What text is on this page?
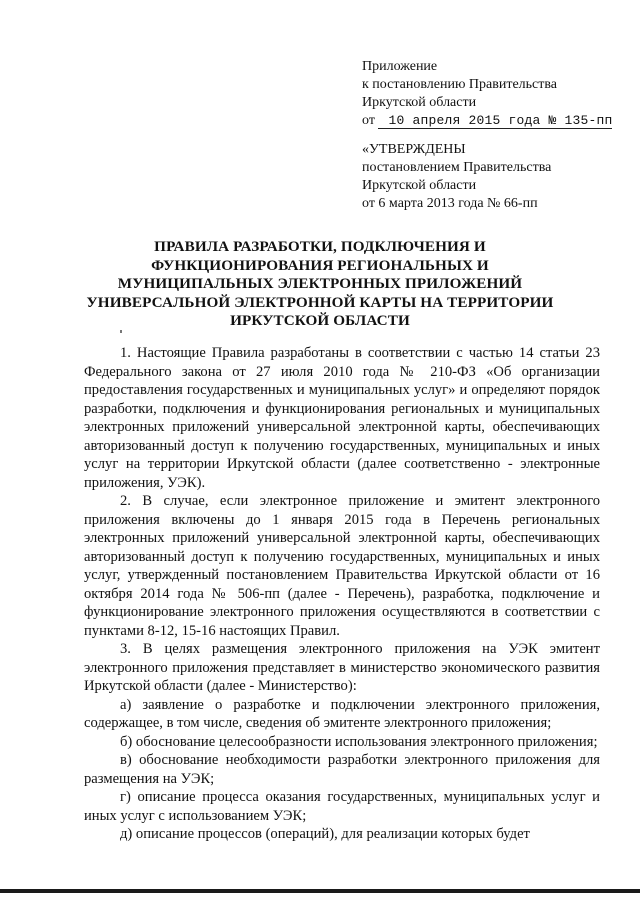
Приложение
к постановлению Правительства
Иркутской области
от 10 апреля 2015 года № 135-пп
«УТВЕРЖДЕНЫ
постановлением Правительства
Иркутской области
от 6 марта 2013 года № 66-пп
ПРАВИЛА РАЗРАБОТКИ, ПОДКЛЮЧЕНИЯ И
ФУНКЦИОНИРОВАНИЯ РЕГИОНАЛЬНЫХ И
МУНИЦИПАЛЬНЫХ ЭЛЕКТРОННЫХ ПРИЛОЖЕНИЙ
УНИВЕРСАЛЬНОЙ ЭЛЕКТРОННОЙ КАРТЫ НА ТЕРРИТОРИИ
ИРКУТСКОЙ ОБЛАСТИ

1. Настоящие Правила разработаны в соответствии с частью 14 статьи 23 Федерального закона от 27 июля 2010 года № 210-ФЗ «Об организации предоставления государственных и муниципальных услуг» и определяют порядок разработки, подключения и функционирования региональных и муниципальных электронных приложений универсальной электронной карты, обеспечивающих авторизованный доступ к получению государственных, муниципальных и иных услуг на территории Иркутской области (далее соответственно - электронные приложения, УЭК).

2. В случае, если электронное приложение и эмитент электронного приложения включены до 1 января 2015 года в Перечень региональных электронных приложений универсальной электронной карты, обеспечивающих авторизованный доступ к получению государственных, муниципальных и иных услуг, утвержденный постановлением Правительства Иркутской области от 16 октября 2014 года № 506-пп (далее - Перечень), разработка, подключение и функционирование электронного приложения осуществляются в соответствии с пунктами 8-12, 15-16 настоящих Правил.

3. В целях размещения электронного приложения на УЭК эмитент электронного приложения представляет в министерство экономического развития Иркутской области (далее - Министерство):

а) заявление о разработке и подключении электронного приложения, содержащее, в том числе, сведения об эмитенте электронного приложения;

б) обоснование целесообразности использования электронного приложения;

в) обоснование необходимости разработки электронного приложения для размещения на УЭК;

г) описание процесса оказания государственных, муниципальных услуг и иных услуг с использованием УЭК;

д) описание процессов (операций), для реализации которых будет
